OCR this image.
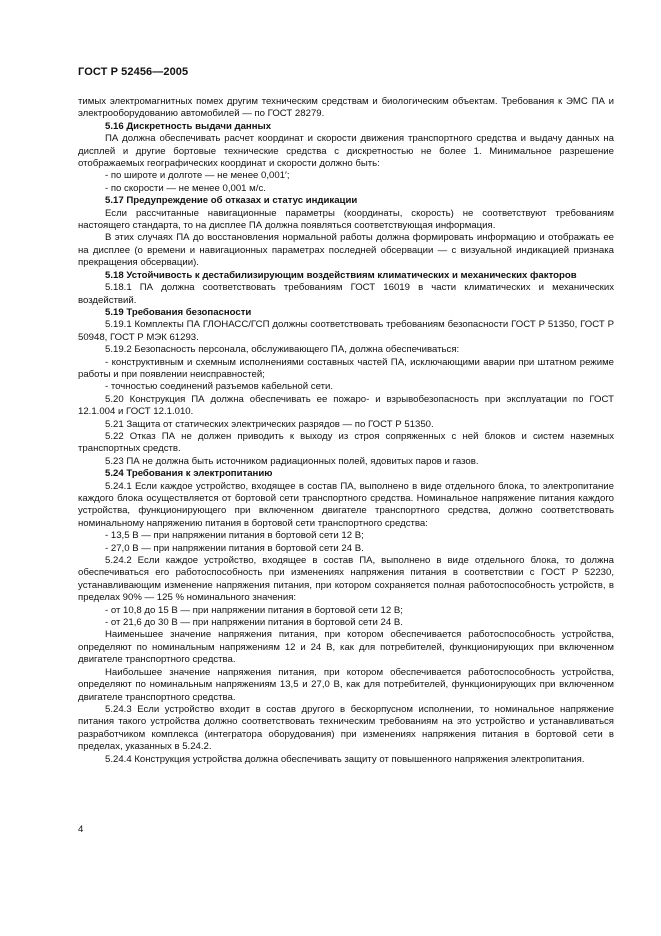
ГОСТ Р 52456—2005
тимых электромагнитных помех другим техническим средствам и биологическим объектам. Требования к ЭМС ПА и электрооборудованию автомобилей — по ГОСТ 28279.
5.16 Дискретность выдачи данных
ПА должна обеспечивать расчет координат и скорости движения транспортного средства и выдачу данных на дисплей и другие бортовые технические средства с дискретностью не более 1. Минимальное разрешение отображаемых географических координат и скорости должно быть:
- по широте и долготе — не менее 0,001′;
- по скорости — не менее 0,001 м/с.
5.17 Предупреждение об отказах и статус индикации
Если рассчитанные навигационные параметры (координаты, скорость) не соответствуют требованиям настоящего стандарта, то на дисплее ПА должна появляться соответствующая информация.
В этих случаях ПА до восстановления нормальной работы должна формировать информацию и отображать ее на дисплее (о времени и навигационных параметрах последней обсервации — с визуальной индикацией признака прекращения обсервации).
5.18 Устойчивость к дестабилизирующим воздействиям климатических и механических факторов
5.18.1 ПА должна соответствовать требованиям ГОСТ 16019 в части климатических и механических воздействий.
5.19 Требования безопасности
5.19.1 Комплекты ПА ГЛОНАСС/ГСП должны соответствовать требованиям безопасности ГОСТ Р 51350, ГОСТ Р 50948, ГОСТ Р МЭК 61293.
5.19.2 Безопасность персонала, обслуживающего ПА, должна обеспечиваться:
- конструктивным и схемным исполнениями составных частей ПА, исключающими аварии при штатном режиме работы и при появлении неисправностей;
- точностью соединений разъемов кабельной сети.
5.20 Конструкция ПА должна обеспечивать ее пожаро- и взрывобезопасность при эксплуатации по ГОСТ 12.1.004 и ГОСТ 12.1.010.
5.21 Защита от статических электрических разрядов — по ГОСТ Р 51350.
5.22 Отказ ПА не должен приводить к выходу из строя сопряженных с ней блоков и систем наземных транспортных средств.
5.23 ПА не должна быть источником радиационных полей, ядовитых паров и газов.
5.24 Требования к электропитанию
5.24.1 Если каждое устройство, входящее в состав ПА, выполнено в виде отдельного блока, то электропитание каждого блока осуществляется от бортовой сети транспортного средства. Номинальное напряжение питания каждого устройства, функционирующего при включенном двигателе транспортного средства, должно соответствовать номинальному напряжению питания в бортовой сети транспортного средства:
- 13,5 В — при напряжении питания в бортовой сети 12 В;
- 27,0 В — при напряжении питания в бортовой сети 24 В.
5.24.2 Если каждое устройство, входящее в состав ПА, выполнено в виде отдельного блока, то должна обеспечиваться его работоспособность при изменениях напряжения питания в соответствии с ГОСТ Р 52230, устанавливающим изменение напряжения питания, при котором сохраняется полная работоспособность устройств, в пределах 90% — 125 % номинального значения:
- от 10,8 до 15 В — при напряжении питания в бортовой сети 12 В;
- от 21,6 до 30 В — при напряжении питания в бортовой сети 24 В.
Наименьшее значение напряжения питания, при котором обеспечивается работоспособность устройства, определяют по номинальным напряжениям 12 и 24 В, как для потребителей, функционирующих при включенном двигателе транспортного средства.
Наибольшее значение напряжения питания, при котором обеспечивается работоспособность устройства, определяют по номинальным напряжениям 13,5 и 27,0 В, как для потребителей, функционирующих при включенном двигателе транспортного средства.
5.24.3 Если устройство входит в состав другого в бескорпусном исполнении, то номинальное напряжение питания такого устройства должно соответствовать техническим требованиям на это устройство и устанавливаться разработчиком комплекса (интегратора оборудования) при изменениях напряжения питания в бортовой сети в пределах, указанных в 5.24.2.
5.24.4 Конструкция устройства должна обеспечивать защиту от повышенного напряжения электропитания.
4
